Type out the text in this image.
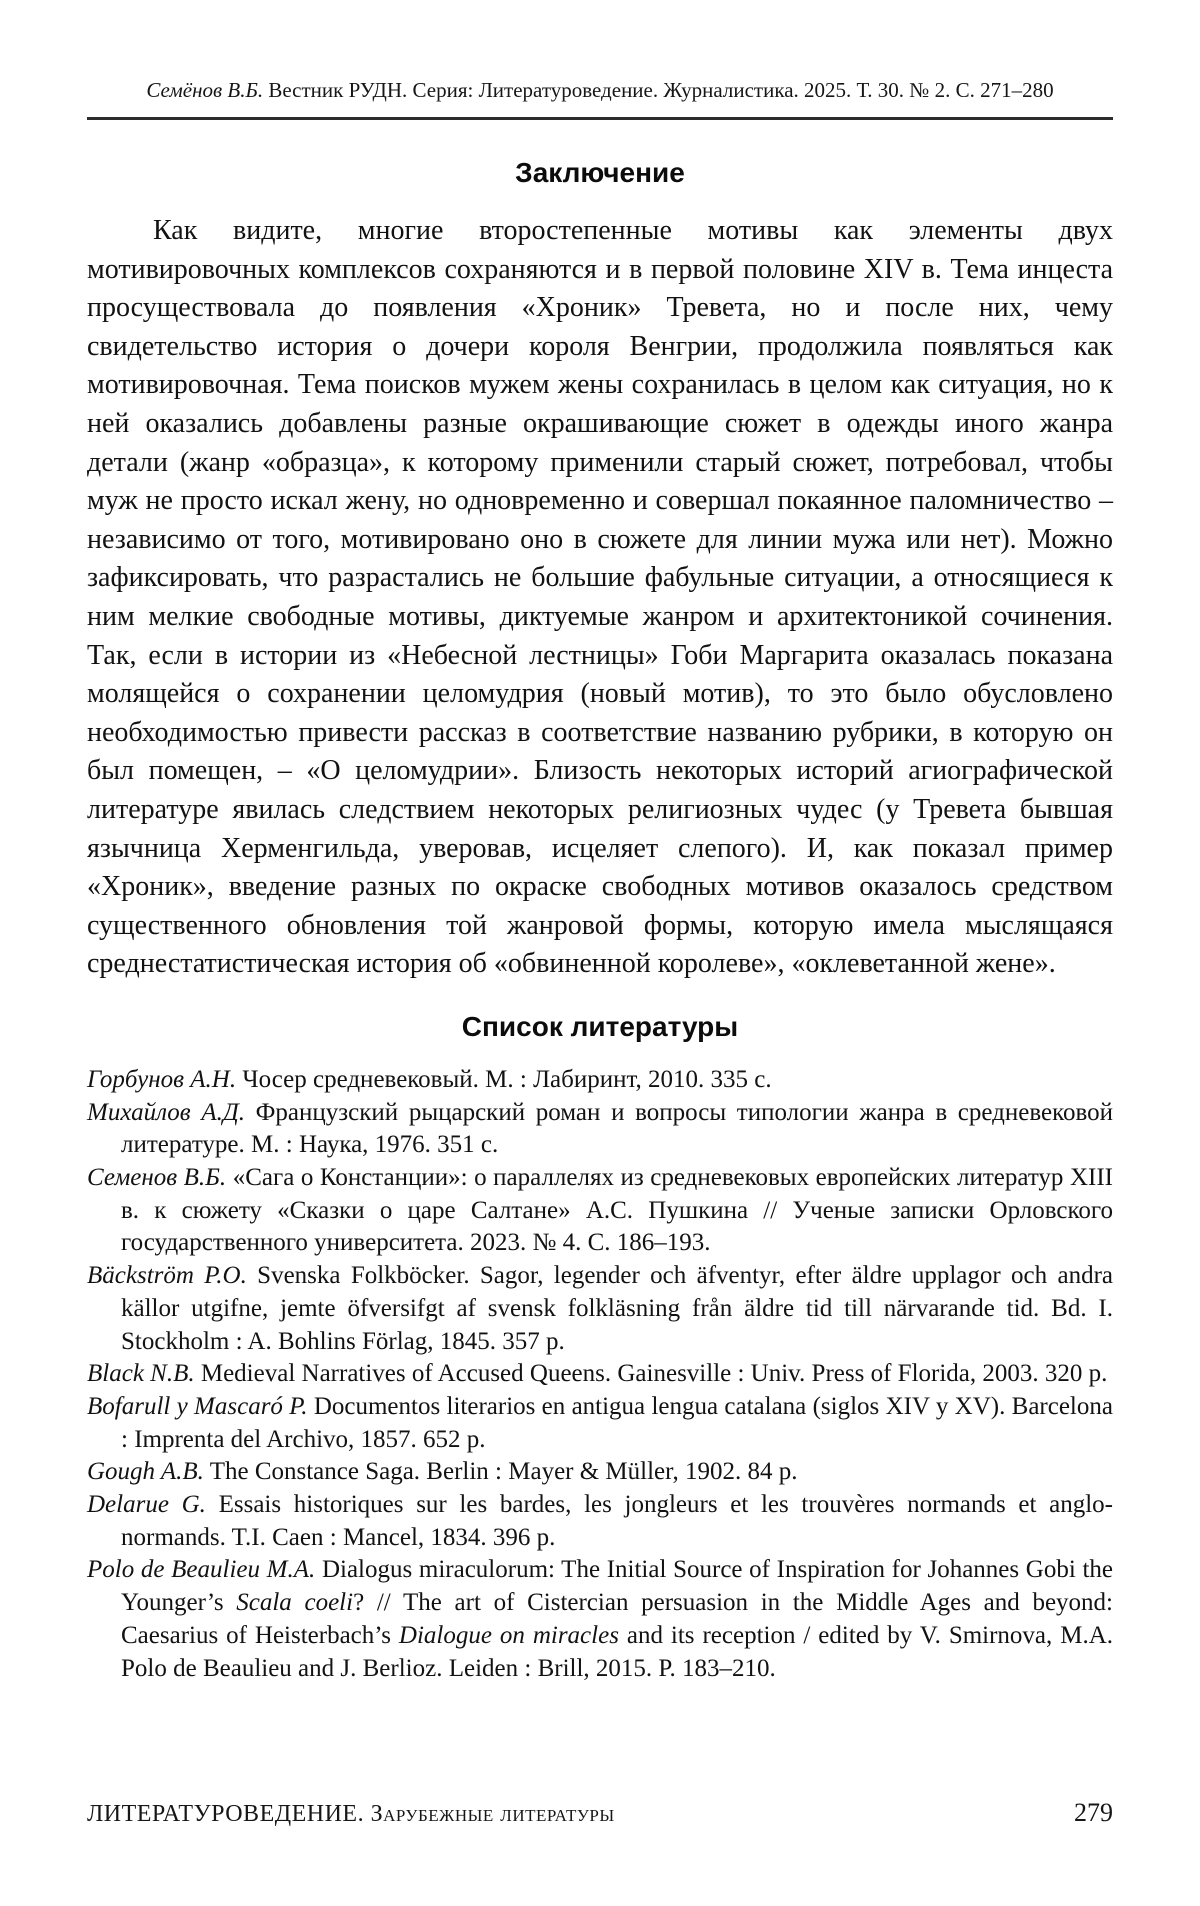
Семёнов В.Б. Вестник РУДН. Серия: Литературоведение. Журналистика. 2025. Т. 30. № 2. С. 271–280
Заключение

Как видите, многие второстепенные мотивы как элементы двух мотивировочных комплексов сохраняются и в первой половине XIV в. Тема инцеста просуществовала до появления «Хроник» Тревета, но и после них, чему свидетельство история о дочери короля Венгрии, продолжила появляться как мотивировочная. Тема поисков мужем жены сохранилась в целом как ситуация, но к ней оказались добавлены разные окрашивающие сюжет в одежды иного жанра детали (жанр «образца», к которому применили старый сюжет, потребовал, чтобы муж не просто искал жену, но одновременно и совершал покаянное паломничество – независимо от того, мотивировано оно в сюжете для линии мужа или нет). Можно зафиксировать, что разрастались не большие фабульные ситуации, а относящиеся к ним мелкие свободные мотивы, диктуемые жанром и архитектоникой сочинения. Так, если в истории из «Небесной лестницы» Гоби Маргарита оказалась показана молящейся о сохранении целомудрия (новый мотив), то это было обусловлено необходимостью привести рассказ в соответствие названию рубрики, в которую он был помещен, – «О целомудрии». Близость некоторых историй агиографической литературе явилась следствием некоторых религиозных чудес (у Тревета бывшая язычница Херменгильда, уверовав, исцеляет слепого). И, как показал пример «Хроник», введение разных по окраске свободных мотивов оказалось средством существенного обновления той жанровой формы, которую имела мыслящаяся среднестатистическая история об «обвиненной королеве», «оклеветанной жене».

Список литературы

Горбунов А.Н. Чосер средневековый. М. : Лабиринт, 2010. 335 с.

Михайлов А.Д. Французский рыцарский роман и вопросы типологии жанра в средневековой литературе. М. : Наука, 1976. 351 с.

Семенов В.Б. «Сага о Констанции»: о параллелях из средневековых европейских литератур XIII в. к сюжету «Сказки о царе Салтане» А.С. Пушкина // Ученые записки Орловского государственного университета. 2023. № 4. С. 186–193.

Bäckström P.O. Svenska Folkböcker. Sagor, legender och äfventyr, efter äldre upplagor och andra källor utgifne, jemte öfversifgt af svensk folkläsning från äldre tid till närvarande tid. Bd. I. Stockholm : A. Bohlins Förlag, 1845. 357 p.

Black N.B. Medieval Narratives of Accused Queens. Gainesville : Univ. Press of Florida, 2003. 320 p.

Bofarull y Mascaró P. Documentos literarios en antigua lengua catalana (siglos XIV y XV). Barcelona : Imprenta del Archivo, 1857. 652 p.

Gough A.B. The Constance Saga. Berlin : Mayer & Müller, 1902. 84 p.

Delarue G. Essais historiques sur les bardes, les jongleurs et les trouvères normands et anglo-normands. T.I. Caen : Mancel, 1834. 396 p.

Polo de Beaulieu M.A. Dialogus miraculorum: The Initial Source of Inspiration for Johannes Gobi the Younger’s Scala coeli? // The art of Cistercian persuasion in the Middle Ages and beyond: Caesarius of Heisterbach’s Dialogue on miracles and its reception / edited by V. Smirnova, M.A. Polo de Beaulieu and J. Berlioz. Leiden : Brill, 2015. P. 183–210.

ЛИТЕРАТУРОВЕДЕНИЕ. Зарубежные литературы	279
